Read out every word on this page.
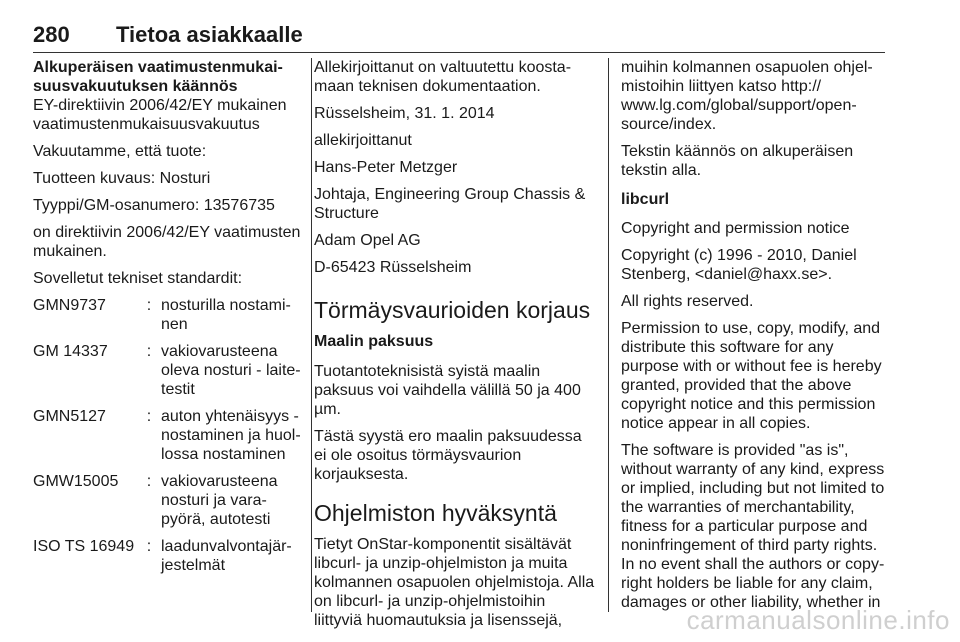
280 Tietoa asiakkaalle

Alkuperäisen vaatimustenmukaisuusvakuutuksen käännös

EY-direktiivin 2006/42/EY mukainen vaatimustenmukaisuusvakuutus

Vakuutamme, että tuote:

Tuotteen kuvaus: Nosturi

Tyyppi/GM-osanumero: 13576735

on direktiivin 2006/42/EY vaatimusten mukainen.

Sovelletut tekniset standardit:

GMN9737	:	nosturilla nostaminen
GM 14337	:	vakiovarusteena oleva nosturi - laitetestit
GMN5127	:	auton yhtenäisyys - nostaminen ja huollossa nostaminen
GMW15005	:	vakiovarusteena nosturi ja varapyörä, autotesti
ISO TS 16949	:	laadunvalvontajärjestelmät

Allekirjoittanut on valtuutettu koostamaan teknisen dokumentaation.

Rüsselsheim, 31. 1. 2014

allekirjoittanut

Hans-Peter Metzger

Johtaja, Engineering Group Chassis & Structure

Adam Opel AG

D-65423 Rüsselsheim

Törmäysvaurioiden korjaus
Maalin paksuus

Tuotantoteknisistä syistä maalin paksuus voi vaihdella välillä 50 ja 400 µm.

Tästä syystä ero maalin paksuudessa ei ole osoitus törmäysvaurion korjauksesta.

Ohjelmiston hyväksyntä

Tietyt OnStar-komponentit sisältävät libcurl- ja unzip-ohjelmiston ja muita kolmannen osapuolen ohjelmistoja. Alla on libcurl- ja unzip-ohjelmistoihin liittyviä huomautuksia ja lisenssejä,

muihin kolmannen osapuolen ohjelmistoihin liittyen katso http:// www.lg.com/global/support/opensource/index.

Tekstin käännös on alkuperäisen tekstin alla.

libcurl

Copyright and permission notice

Copyright (c) 1996 - 2010, Daniel Stenberg, <daniel@haxx.se>.

All rights reserved.

Permission to use, copy, modify, and distribute this software for any purpose with or without fee is hereby granted, provided that the above copyright notice and this permission notice appear in all copies.

The software is provided "as is", without warranty of any kind, express or implied, including but not limited to the warranties of merchantability, fitness for a particular purpose and noninfringement of third party rights. In no event shall the authors or copyright holders be liable for any claim, damages or other liability, whether in

carmanualsonline.info
